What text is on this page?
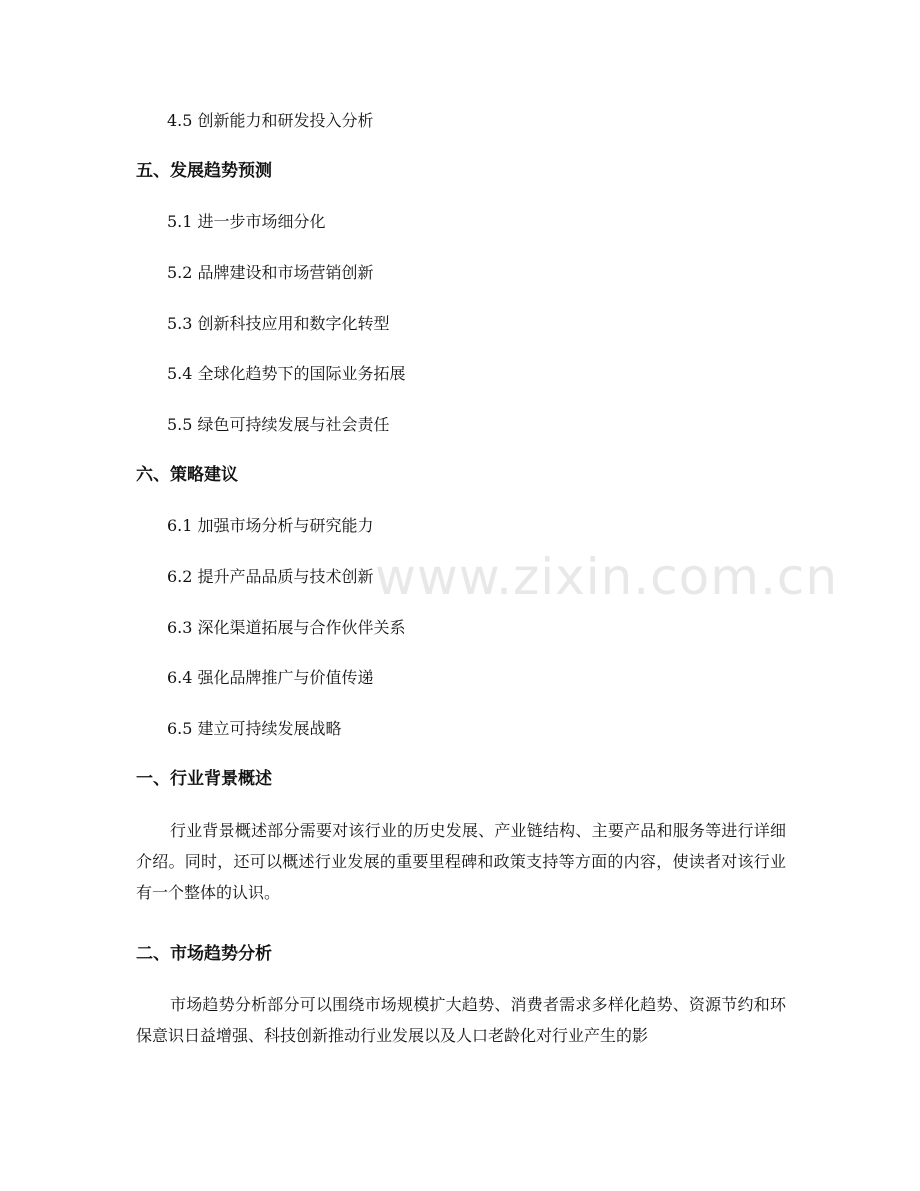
4.5 创新能力和研发投入分析
五、发展趋势预测
5.1 进一步市场细分化
5.2 品牌建设和市场营销创新
5.3 创新科技应用和数字化转型
5.4 全球化趋势下的国际业务拓展
5.5 绿色可持续发展与社会责任
六、策略建议
6.1 加强市场分析与研究能力
6.2 提升产品品质与技术创新
6.3 深化渠道拓展与合作伙伴关系
6.4 强化品牌推广与价值传递
6.5 建立可持续发展战略
一、行业背景概述
行业背景概述部分需要对该行业的历史发展、产业链结构、主要产品和服务等进行详细介绍。同时，还可以概述行业发展的重要里程碑和政策支持等方面的内容，使读者对该行业有一个整体的认识。
二、市场趋势分析
市场趋势分析部分可以围绕市场规模扩大趋势、消费者需求多样化趋势、资源节约和环保意识日益增强、科技创新推动行业发展以及人口老龄化对行业产生的影
www.zixin.com.cn
